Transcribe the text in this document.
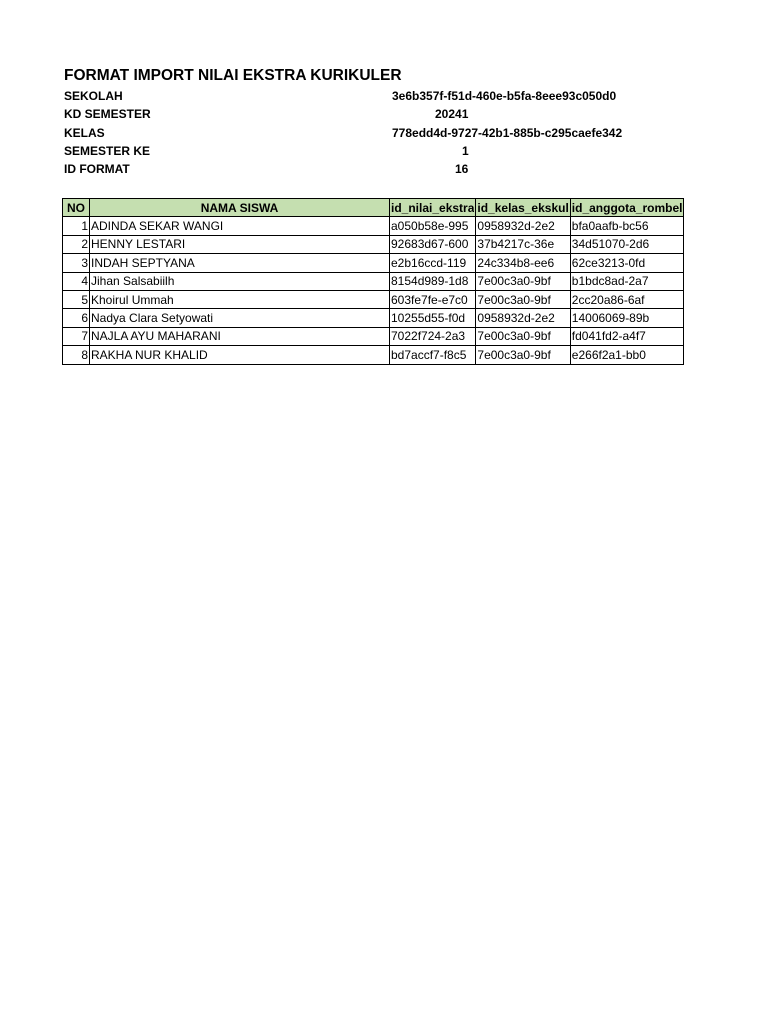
FORMAT IMPORT NILAI EKSTRA KURIKULER
SEKOLAH	3e6b357f-f51d-460e-b5fa-8eee93c050d0
KD SEMESTER	20241
KELAS	778edd4d-9727-42b1-885b-c295caefe342
SEMESTER KE	1
ID FORMAT	16
NO	NAMA SISWA	id_nilai_ekstra	id_kelas_ekskul	id_anggota_rombel

1	ADINDA SEKAR WANGI	a050b58e-995	0958932d-2e2	bfa0aafb-bc56

2	HENNY LESTARI	92683d67-600	37b4217c-36e	34d51070-2d6

3	INDAH SEPTYANA	e2b16ccd-119	24c334b8-ee6	62ce3213-0fd

4	Jihan Salsabiilh	8154d989-1d8	7e00c3a0-9bf	b1bdc8ad-2a7

5	Khoirul Ummah	603fe7fe-e7c0	7e00c3a0-9bf	2cc20a86-6af

6	Nadya Clara Setyowati	10255d55-f0d	0958932d-2e2	14006069-89b

7	NAJLA AYU MAHARANI	7022f724-2a3	7e00c3a0-9bf	fd041fd2-a4f7

8	RAKHA NUR KHALID	bd7accf7-f8c5	7e00c3a0-9bf	e266f2a1-bb0
